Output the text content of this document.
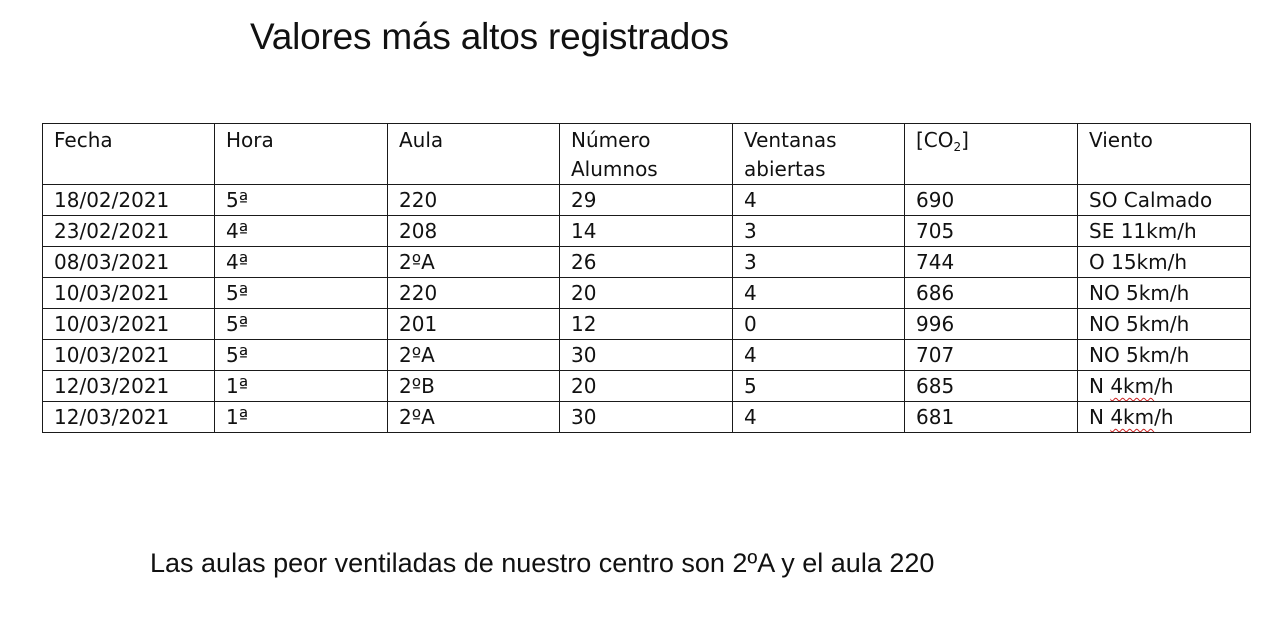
Valores más altos registrados
Fecha	Hora	Aula	Número Alumnos	Ventanas abiertas	$[CO_2]$	Viento
18/02/2021	5ª	220	29	4	690	SO Calmado
23/02/2021	4ª	208	14	3	705	SE 11km/h
08/03/2021	4ª	2ºA	26	3	744	O 15km/h
10/03/2021	5ª	220	20	4	686	NO 5km/h
10/03/2021	5ª	201	12	0	996	NO 5km/h
10/03/2021	5ª	2ºA	30	4	707	NO 5km/h
12/03/2021	1ª	2ºB	20	5	685	N 4km/h
12/03/2021	1ª	2ºA	30	4	681	N 4km/h
Las aulas peor ventiladas de nuestro centro son 2ºA y el aula 220
